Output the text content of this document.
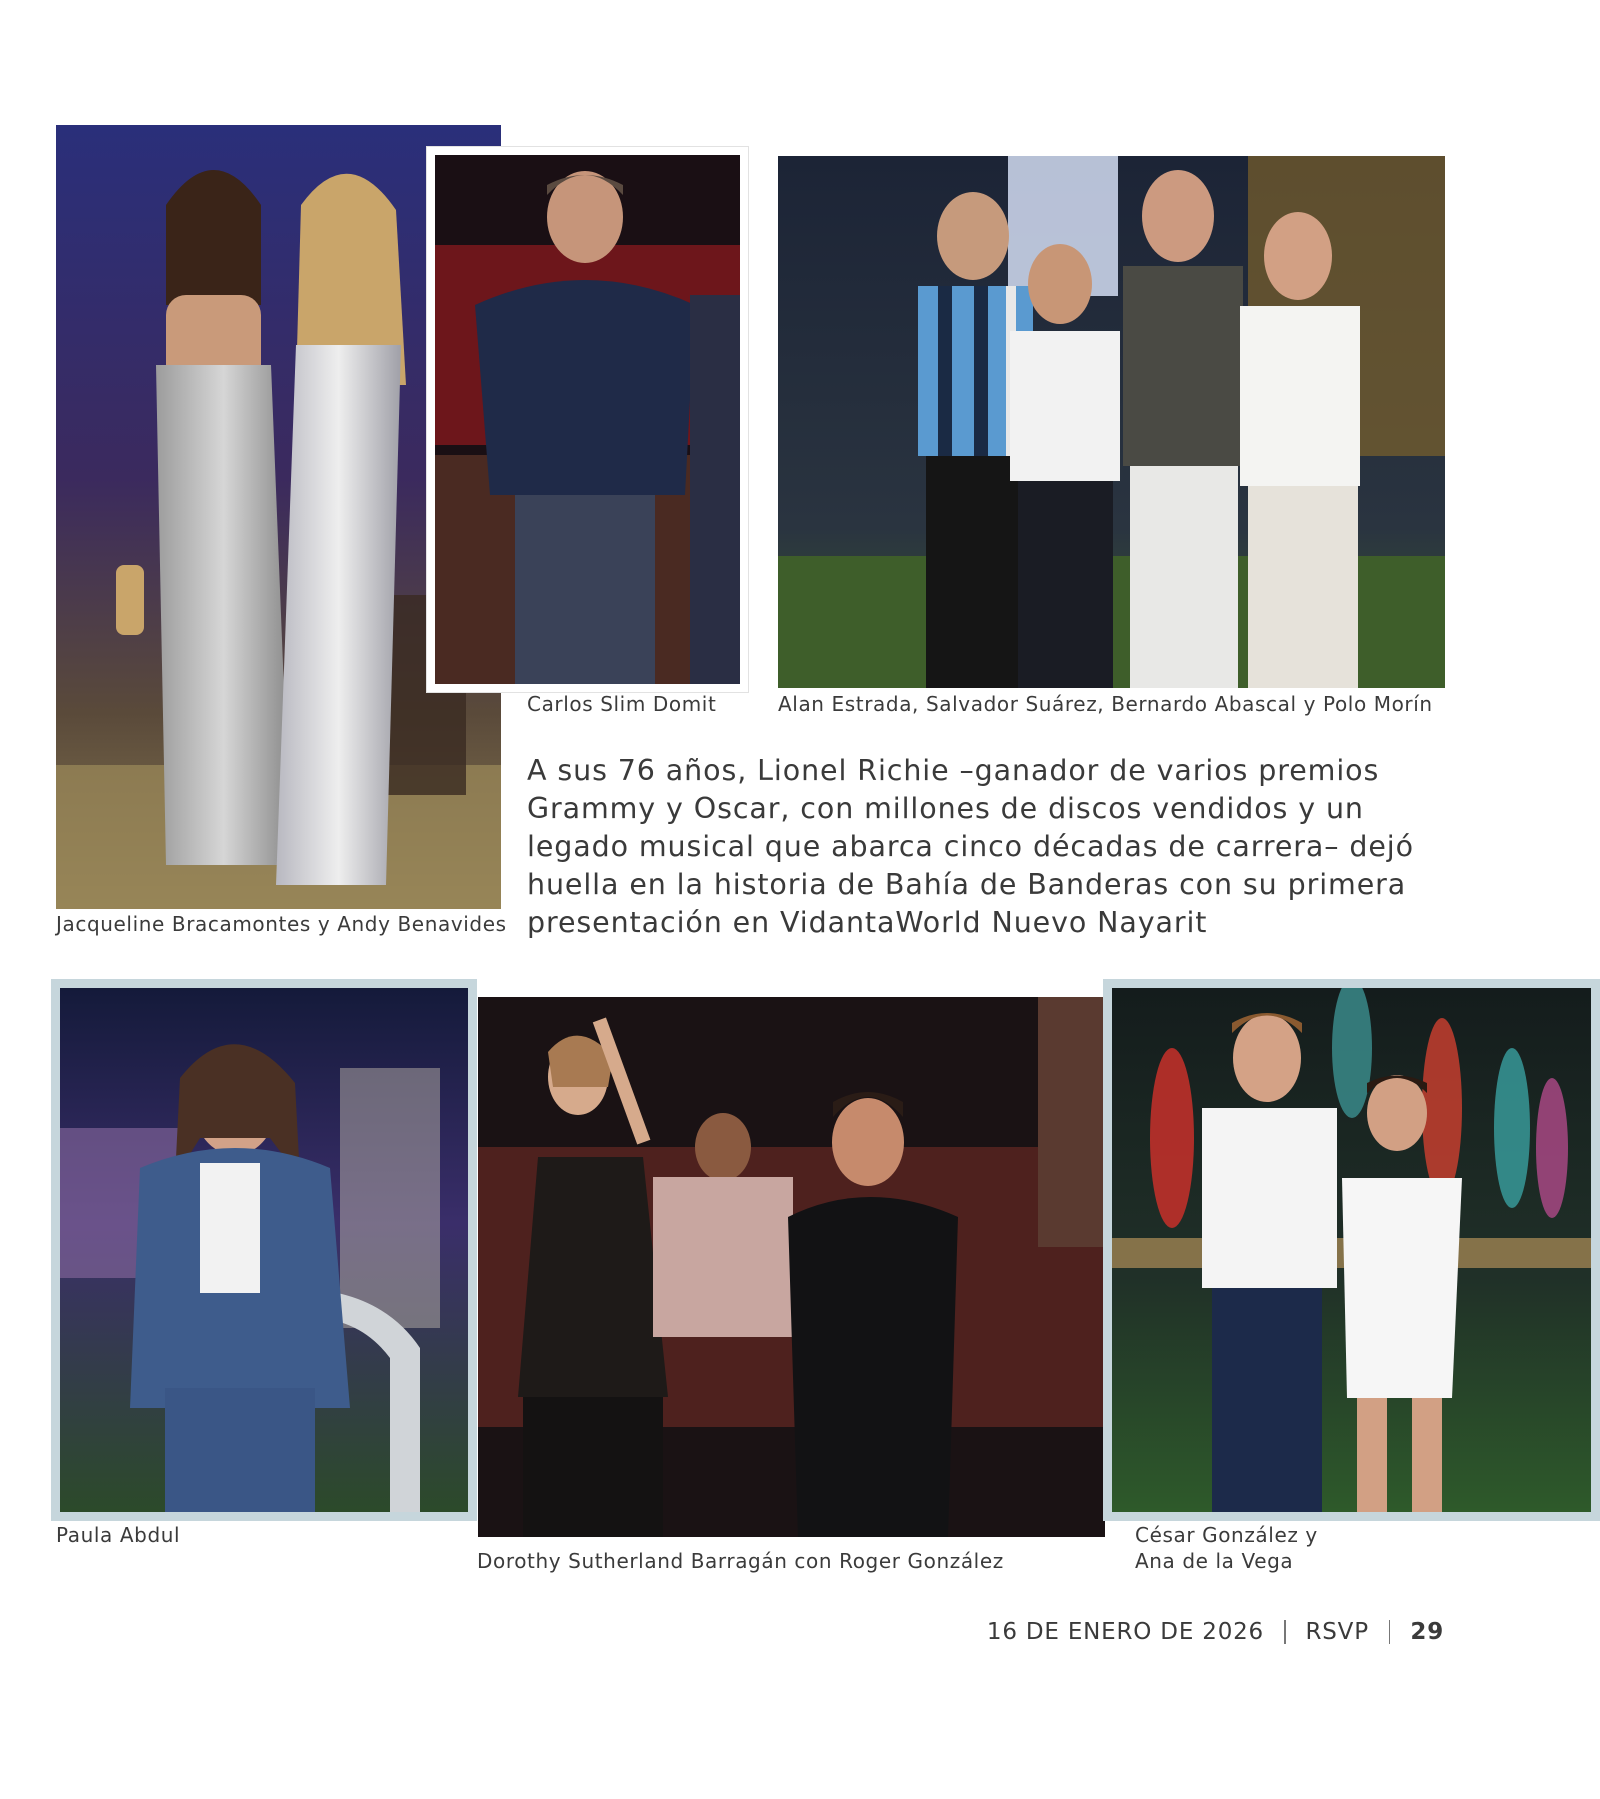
Jacqueline Bracamontes y Andy Benavides
Carlos Slim Domit	Alan Estrada, Salvador Suárez, Bernardo Abascal y Polo Morín
Paula Abdul
Dorothy Sutherland Barragán con Roger González
César González y
Ana de la Vega
A sus 76 años, Lionel Richie –ganador de varios premios Grammy y Oscar, con millones de discos vendidos y un legado musical que abarca cinco décadas de carrera– dejó huella en la historia de Bahía de Banderas con su primera presentación en VidantaWorld Nuevo Nayarit
16 DE ENERO DE 2026 RSVP 29
